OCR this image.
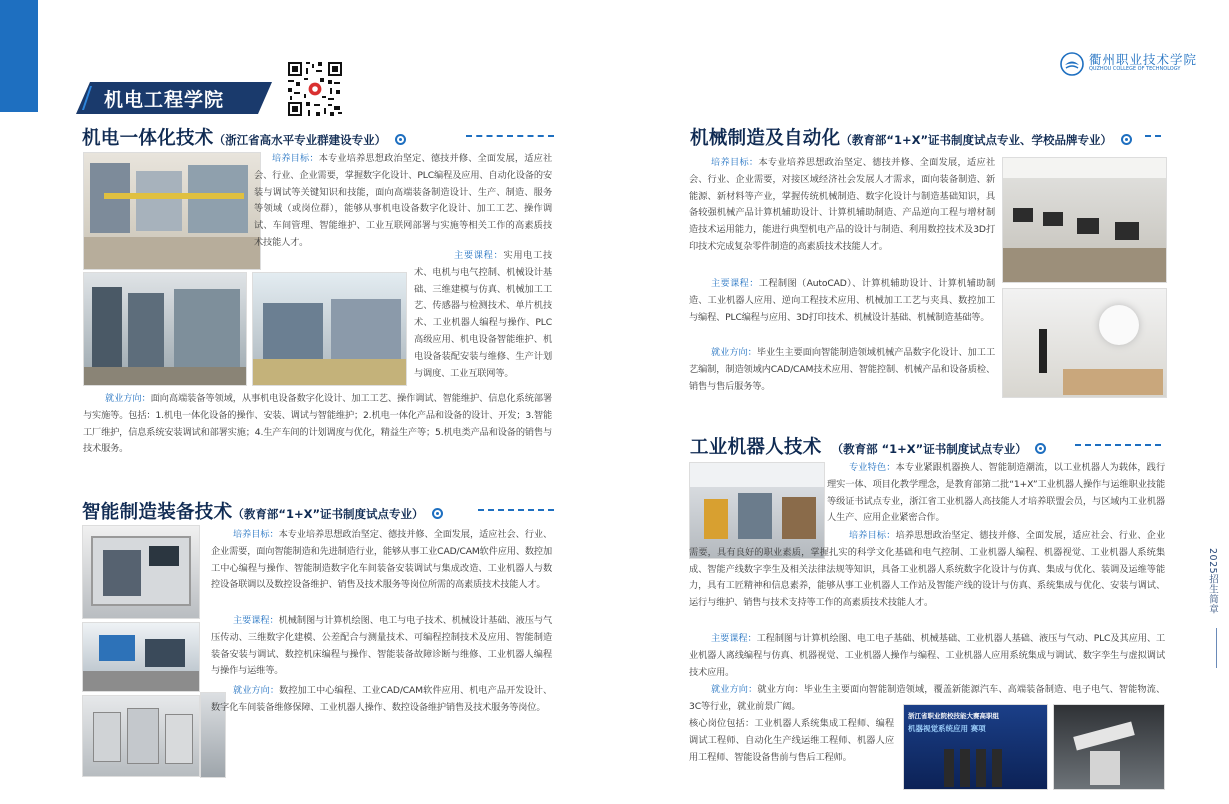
机电工程学院
衢州职业技术学院
QUZHOU COLLEGE OF TECHNOLOGY
2025招生简章
机电一体化技术（浙江省高水平专业群建设专业）
培养目标：本专业培养思想政治坚定、德技并修、全面发展，适应社会、行业、企业需要，掌握数字化设计、PLC编程及应用、自动化设备的安装与调试等关键知识和技能，面向高端装备制造设计、生产、制造、服务等领域（或岗位群），能够从事机电设备数字化设计、加工工艺、操作调试、车间管理、智能维护、工业互联网部署与实施等相关工作的高素质技术技能人才。
主要课程：实用电工技术、电机与电气控制、机械设计基础、三维建模与仿真、机械加工工艺、传感器与检测技术、单片机技术、工业机器人编程与操作、PLC高级应用、机电设备智能维护、机电设备装配安装与维修、生产计划与调度、工业互联网等。
就业方向：面向高端装备等领域，从事机电设备数字化设计、加工工艺、操作调试、智能维护、信息化系统部署与实施等。包括：1.机电一体化设备的操作、安装、调试与智能维护；2.机电一体化产品和设备的设计、开发；3.智能工厂维护，信息系统安装调试和部署实施；4.生产车间的计划调度与优化，精益生产等；5.机电类产品和设备的销售与技术服务。
智能制造装备技术（教育部“1+X”证书制度试点专业）
培养目标：本专业培养思想政治坚定、德技并修、全面发展，适应社会、行业、企业需要，面向智能制造和先进制造行业，能够从事工业CAD/CAM软件应用、数控加工中心编程与操作、智能制造数字化车间装备安装调试与集成改造、工业机器人与数控设备联调以及数控设备维护、销售及技术服务等岗位所需的高素质技术技能人才。
主要课程：机械制图与计算机绘图、电工与电子技术、机械设计基础、液压与气压传动、三维数字化建模、公差配合与测量技术、可编程控制技术及应用、智能制造装备安装与调试、数控机床编程与操作、智能装备故障诊断与维修、工业机器人编程与操作与运维等。
就业方向：数控加工中心编程、工业CAD/CAM软件应用、机电产品开发设计、数字化车间装备维修保障、工业机器人操作、数控设备维护销售及技术服务等岗位。
机械制造及自动化（教育部“1+X”证书制度试点专业、学校品牌专业）
培养目标：本专业培养思想政治坚定、德技并修、全面发展，适应社会、行业、企业需要，对接区域经济社会发展人才需求，面向装备制造、新能源、新材料等产业，掌握传统机械制造、数字化设计与制造基础知识，具备较强机械产品计算机辅助设计、计算机辅助制造、产品逆向工程与增材制造技术运用能力，能进行典型机电产品的设计与制造、利用数控技术及3D打印技术完成复杂零件制造的高素质技术技能人才。
主要课程：工程制图（AutoCAD）、计算机辅助设计、计算机辅助制造、工业机器人应用、逆向工程技术应用、机械加工工艺与夹具、数控加工与编程、PLC编程与应用、3D打印技术、机械设计基础、机械制造基础等。
就业方向：毕业生主要面向智能制造领域机械产品数字化设计、加工工艺编制，制造领域内CAD/CAM技术应用、智能控制、机械产品和设备质检、销售与售后服务等。
工业机器人技术 （教育部 “1+X”证书制度试点专业）
专业特色：本专业紧跟机器换人、智能制造潮流，以工业机器人为载体，践行理实一体、项目化教学理念，是教育部第二批“1+X”工业机器人操作与运维职业技能等级证书试点专业，浙江省工业机器人高技能人才培养联盟会员，与区域内工业机器人生产、应用企业紧密合作。
培养目标：培养思想政治坚定、德技并修、全面发展，适应社会、行业、企业需要，具有良好的职业素质，掌握扎实的科学文化基础和电气控制、工业机器人编程、机器视觉、工业机器人系统集成、智能产线数字孪生及相关法律法规等知识，具备工业机器人系统数字化设计与仿真、集成与优化、装调及运维等能力，具有工匠精神和信息素养，能够从事工业机器人工作站及智能产线的设计与仿真、系统集成与优化、安装与调试、运行与维护、销售与技术支持等工作的高素质技术技能人才。
主要课程：工程制图与计算机绘图、电工电子基础、机械基础、工业机器人基础、液压与气动、PLC及其应用、工业机器人离线编程与仿真、机器视觉、工业机器人操作与编程、工业机器人应用系统集成与调试、数字孪生与虚拟调试技术应用。
就业方向：就业方向：毕业生主要面向智能制造领域，覆盖新能源汽车、高端装备制造、电子电气、智能物流、3C等行业，就业前景广阔。
核心岗位包括：工业机器人系统集成工程师、编程调试工程师、自动化生产线运维工程师、机器人应用工程师、智能设备售前与售后工程师。
浙江省职业院校技能大赛高职组
机器视觉系统应用 赛项
